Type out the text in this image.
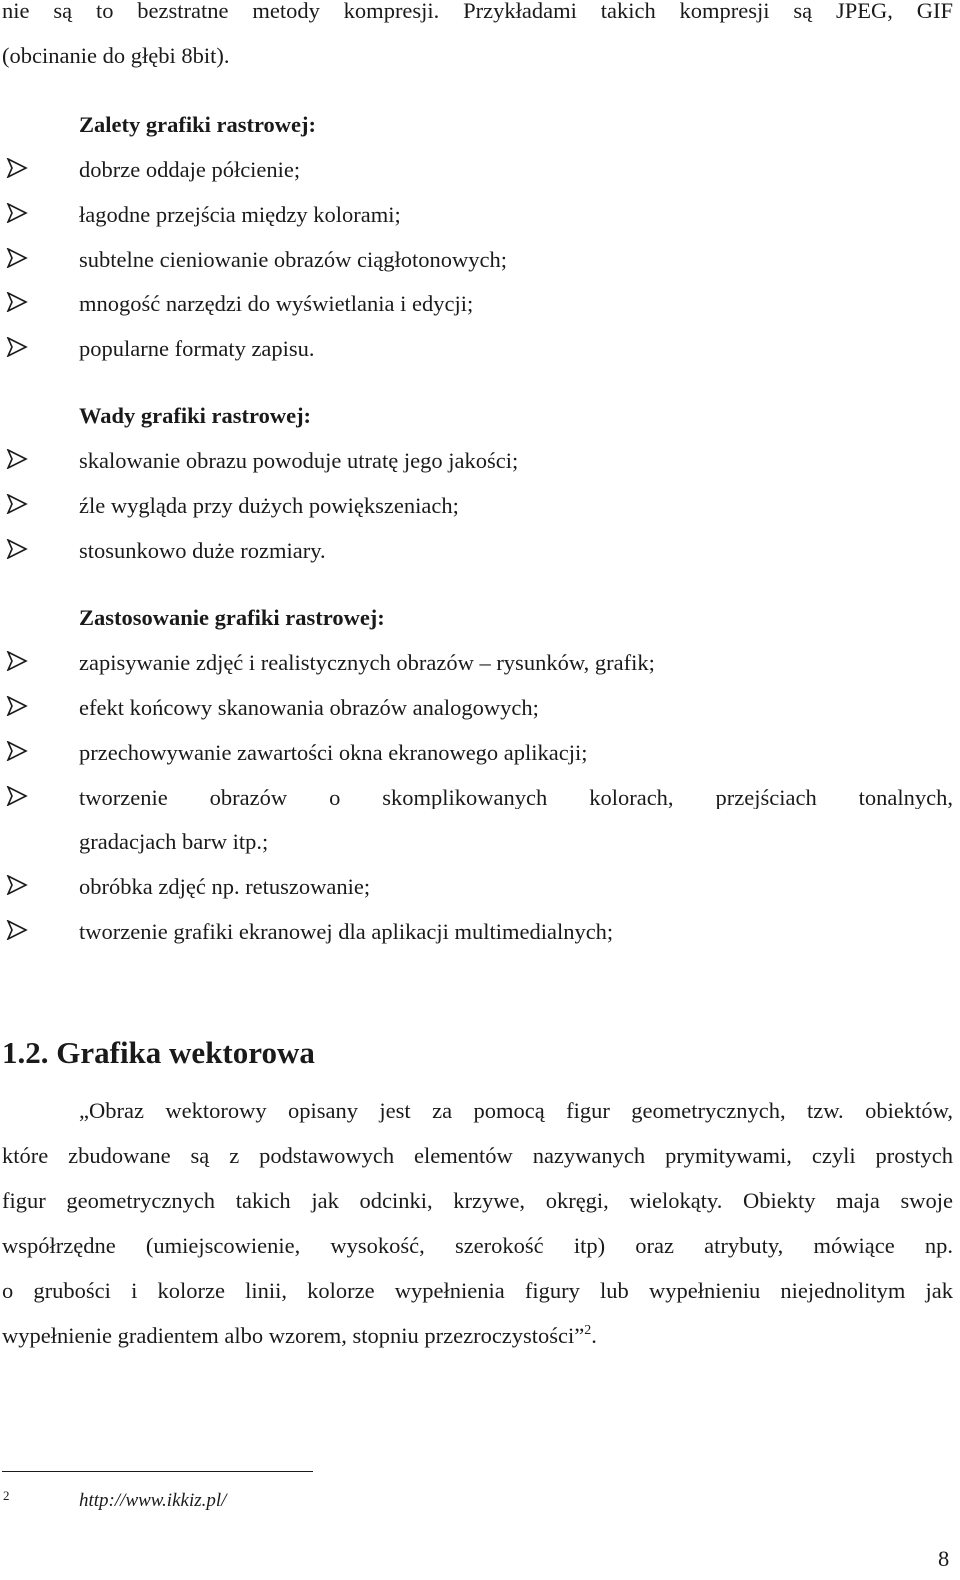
nie są to bezstratne metody kompresji. Przykładami takich kompresji są JPEG, GIF
(obcinanie do głębi 8bit).
Zalety grafiki rastrowej:
dobrze oddaje półcienie;
łagodne przejścia między kolorami;
subtelne cieniowanie obrazów ciągłotonowych;
mnogość narzędzi do wyświetlania i edycji;
popularne formaty zapisu.
Wady grafiki rastrowej:
skalowanie obrazu powoduje utratę jego jakości;
źle wygląda przy dużych powiększeniach;
stosunkowo duże rozmiary.
Zastosowanie grafiki rastrowej:
zapisywanie zdjęć i realistycznych obrazów – rysunków, grafik;
efekt końcowy skanowania obrazów analogowych;
przechowywanie zawartości okna ekranowego aplikacji;
tworzenie obrazów o skomplikowanych kolorach, przejściach tonalnych,
gradacjach barw itp.;
obróbka zdjęć np. retuszowanie;
tworzenie grafiki ekranowej dla aplikacji multimedialnych;
1.2. Grafika wektorowa
„Obraz wektorowy opisany jest za pomocą figur geometrycznych, tzw. obiektów,
które zbudowane są z podstawowych elementów nazywanych prymitywami, czyli prostych
figur geometrycznych takich jak odcinki, krzywe, okręgi, wielokąty. Obiekty maja swoje
współrzędne (umiejscowienie, wysokość, szerokość itp) oraz atrybuty, mówiące np.
o grubości i kolorze linii, kolorze wypełnienia figury lub wypełnieniu niejednolitym jak
wypełnienie gradientem albo wzorem, stopniu przezroczystości”$^2$.
2	http://www.ikkiz.pl/
8
